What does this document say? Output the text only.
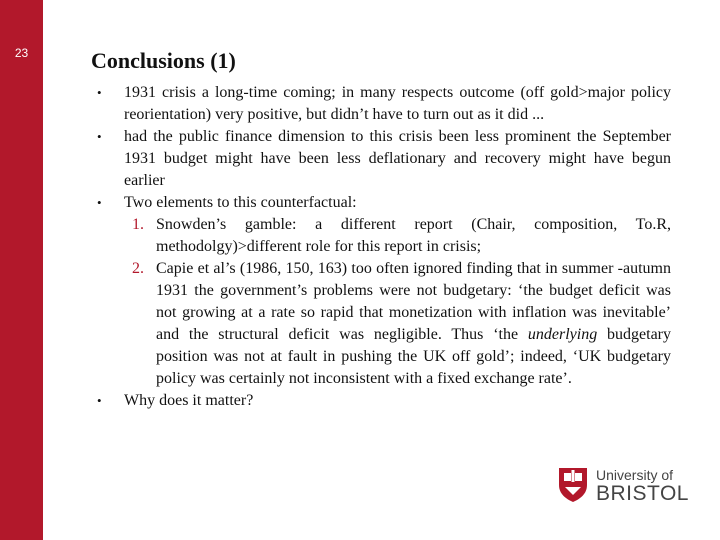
23	Conclusions (1)

• 1931 crisis a long-time coming; in many respects outcome (off gold>major policy reorientation) very positive, but didn’t have to turn out as it did ...

• had the public finance dimension to this crisis been less prominent the September 1931 budget might have been less deflationary and recovery might have begun earlier

• Two elements to this counterfactual:

1. Snowden’s gamble: a different report (Chair, composition, To.R, methodolgy)>different role for this report in crisis;

2. Capie et al’s (1986, 150, 163) too often ignored finding that in summer -autumn 1931 the government’s problems were not budgetary: ‘the budget deficit was not growing at a rate so rapid that monetization with inflation was inevitable’ and the structural deficit was negligible. Thus ‘the underlying budgetary position was not at fault in pushing the UK off gold’; indeed, ‘UK budgetary policy was certainly not inconsistent with a fixed exchange rate’.

• Why does it matter?

University of
BRISTOL
